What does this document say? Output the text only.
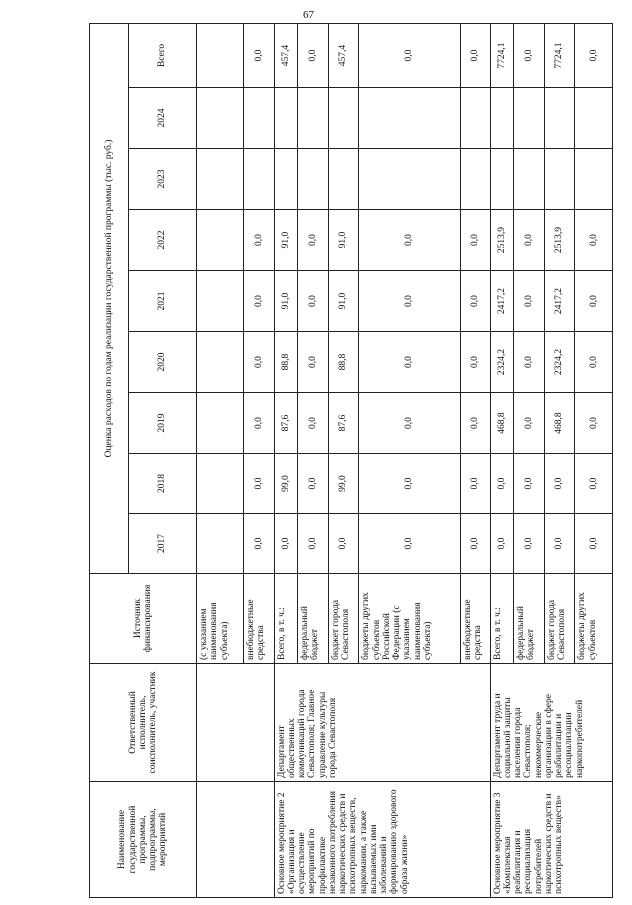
67
Наименование государственной программы, подпрограммы, мероприятий	Ответственный исполнитель, соисполнитель, участник	Источник финансирования	Оценка расходов по годам реализации государственной программы (тыс. руб.)								
			2017	2018	2019	2020	2021	2022	2023	2024	Всего
		(с указанием наименования субъекта)									
		внебюджетные средства	0,0	0,0	0,0	0,0	0,0	0,0			0,0
Основное мероприятие 2 «Организация и осуществление мероприятий по профилактике незаконного потребления наркотических средств и психотропных веществ, наркомании, а также вызываемых ими заболеваний и формированию здорового образа жизни»	Департамент общественных коммуникаций города Севастополя; Главное управление культуры города Севастополя	Всего, в т. ч.:	0,0	99,0	87,6	88,8	91,0	91,0			457,4
		федеральный бюджет	0,0	0,0	0,0	0,0	0,0	0,0			0,0
		бюджет города Севастополя	0,0	99,0	87,6	88,8	91,0	91,0			457,4
		бюджеты других субъектов Российской Федерации (с указанием наименования субъекта)	0,0	0,0	0,0	0,0	0,0	0,0			0,0
		внебюджетные средства	0,0	0,0	0,0	0,0	0,0	0,0			0,0
Основное мероприятие 3 «Комплексная реабилитация и ресоциализация потребителей наркотических средств и психотропных веществ»	Департамент труда и социальной защиты населения города Севастополя; некоммерческие организации в сфере реабилитации и ресоциализации наркопотребителей	Всего, в т. ч.:	0,0	0,0	468,8	2324,2	2417,2	2513,9			7724,1
		федеральный бюджет	0,0	0,0	0,0	0,0	0,0	0,0			0,0
		бюджет города Севастополя	0,0	0,0	468,8	2324,2	2417,2	2513,9			7724,1
		бюджеты других субъектов	0,0	0,0	0,0	0,0	0,0	0,0			0,0
